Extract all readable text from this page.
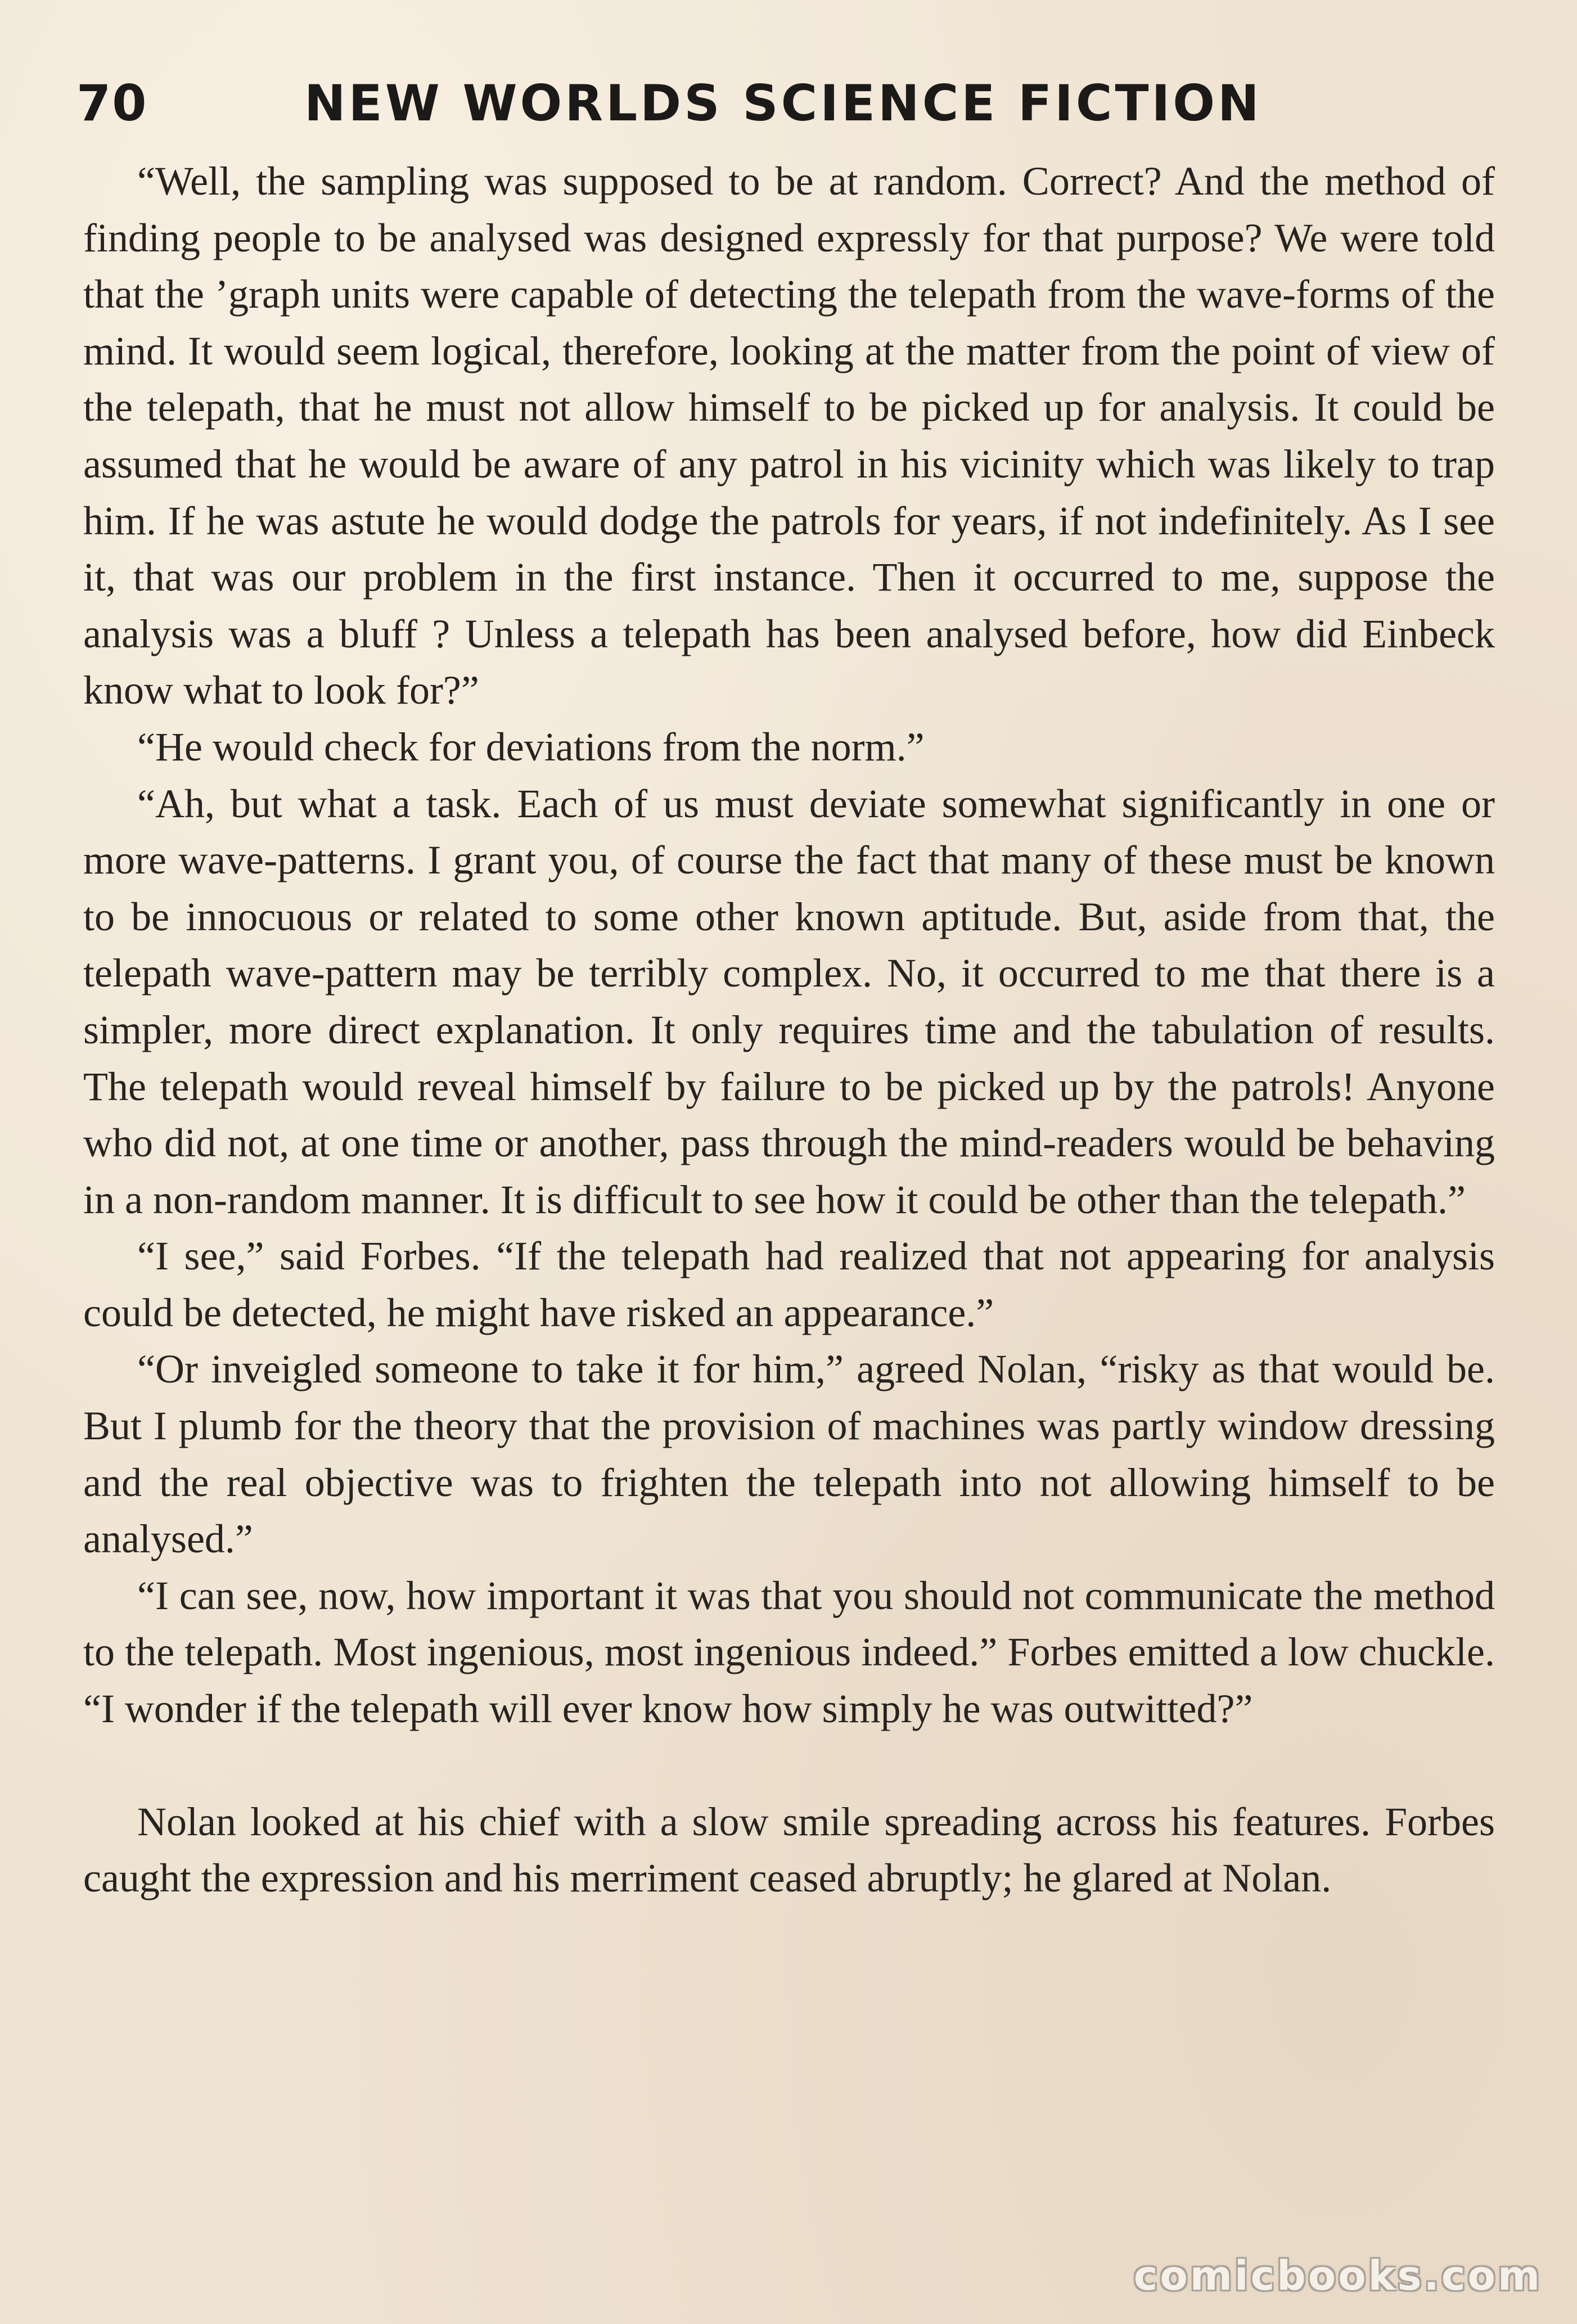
70	NEW WORLDS SCIENCE FICTION

“Well, the sampling was supposed to be at random. Correct? And the method of finding people to be analysed was designed expressly for that purpose? We were told that the ’graph units were capable of detecting the telepath from the wave-forms of the mind. It would seem logical, therefore, looking at the matter from the point of view of the telepath, that he must not allow himself to be picked up for analysis. It could be assumed that he would be aware of any patrol in his vicinity which was likely to trap him. If he was astute he would dodge the patrols for years, if not indefinitely. As I see it, that was our problem in the first instance. Then it occurred to me, suppose the analysis was a bluff ? Unless a telepath has been analysed before, how did Einbeck know what to look for?”

“He would check for deviations from the norm.”

“Ah, but what a task. Each of us must deviate somewhat significantly in one or more wave-patterns. I grant you, of course the fact that many of these must be known to be innocuous or related to some other known aptitude. But, aside from that, the telepath wave-pattern may be terribly complex. No, it occurred to me that there is a simpler, more direct explanation. It only requires time and the tabulation of results. The telepath would reveal himself by failure to be picked up by the patrols! Anyone who did not, at one time or another, pass through the mind-readers would be behaving in a non-random manner. It is difficult to see how it could be other than the telepath.”

“I see,” said Forbes. “If the telepath had realized that not appearing for analysis could be detected, he might have risked an appearance.”

“Or inveigled someone to take it for him,” agreed Nolan, “risky as that would be. But I plumb for the theory that the provision of machines was partly window dressing and the real objective was to frighten the telepath into not allowing himself to be analysed.”

“I can see, now, how important it was that you should not communicate the method to the telepath. Most ingenious, most ingenious indeed.” Forbes emitted a low chuckle. “I wonder if the telepath will ever know how simply he was outwitted?”

Nolan looked at his chief with a slow smile spreading across his features. Forbes caught the expression and his merriment ceased abruptly; he glared at Nolan.

comicbooks.com
